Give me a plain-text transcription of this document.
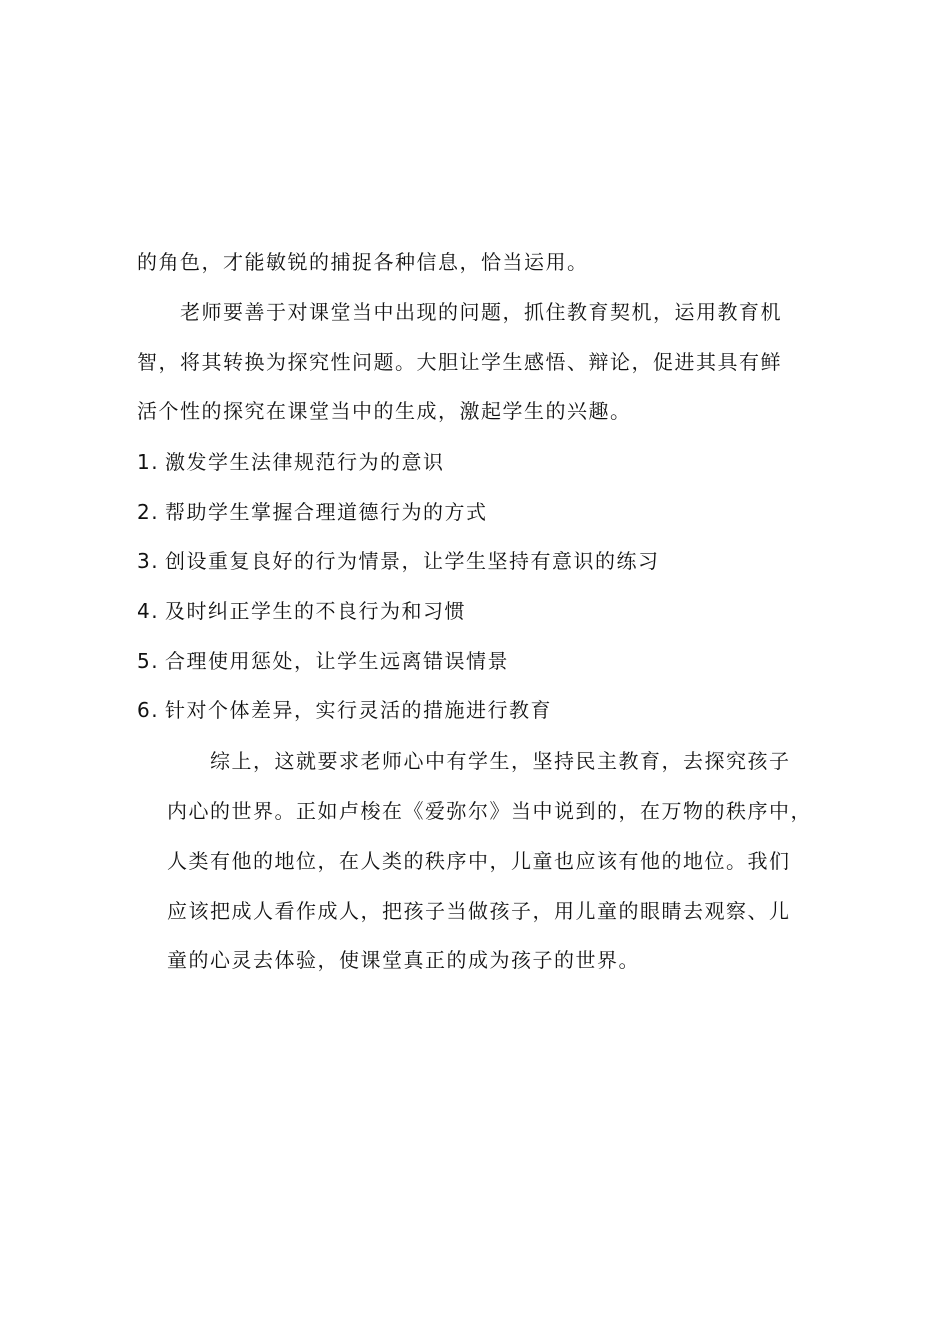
的角色，才能敏锐的捕捉各种信息，恰当运用。
老师要善于对课堂当中出现的问题，抓住教育契机，运用教育机
智，将其转换为探究性问题。大胆让学生感悟、辩论，促进其具有鲜
活个性的探究在课堂当中的生成，激起学生的兴趣。
1. 激发学生法律规范行为的意识
2. 帮助学生掌握合理道德行为的方式
3. 创设重复良好的行为情景，让学生坚持有意识的练习
4. 及时纠正学生的不良行为和习惯
5. 合理使用惩处，让学生远离错误情景
6. 针对个体差异，实行灵活的措施进行教育
综上，这就要求老师心中有学生，坚持民主教育，去探究孩子
内心的世界。正如卢梭在《爱弥尔》当中说到的，在万物的秩序中，
人类有他的地位，在人类的秩序中，儿童也应该有他的地位。我们
应该把成人看作成人，把孩子当做孩子，用儿童的眼睛去观察、儿
童的心灵去体验，使课堂真正的成为孩子的世界。
